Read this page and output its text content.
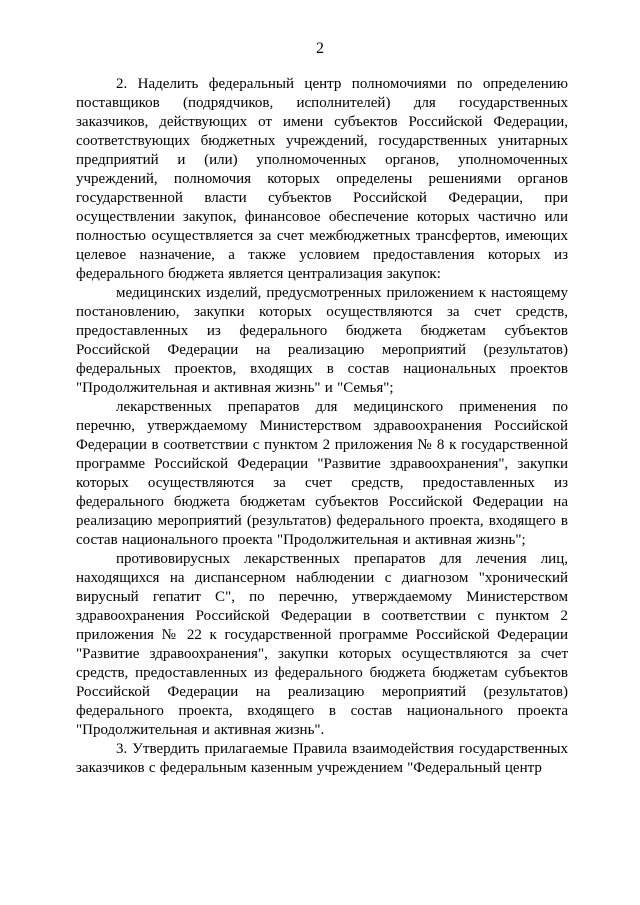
2

2. Наделить федеральный центр полномочиями по определению поставщиков (подрядчиков, исполнителей) для государственных заказчиков, действующих от имени субъектов Российской Федерации, соответствующих бюджетных учреждений, государственных унитарных предприятий и (или) уполномоченных органов, уполномоченных учреждений, полномочия которых определены решениями органов государственной власти субъектов Российской Федерации, при осуществлении закупок, финансовое обеспечение которых частично или полностью осуществляется за счет межбюджетных трансфертов, имеющих целевое назначение, а также условием предоставления которых из федерального бюджета является централизация закупок:

медицинских изделий, предусмотренных приложением к настоящему постановлению, закупки которых осуществляются за счет средств, предоставленных из федерального бюджета бюджетам субъектов Российской Федерации на реализацию мероприятий (результатов) федеральных проектов, входящих в состав национальных проектов "Продолжительная и активная жизнь" и "Семья";

лекарственных препаратов для медицинского применения по перечню, утверждаемому Министерством здравоохранения Российской Федерации в соответствии с пунктом 2 приложения № 8 к государственной программе Российской Федерации "Развитие здравоохранения", закупки которых осуществляются за счет средств, предоставленных из федерального бюджета бюджетам субъектов Российской Федерации на реализацию мероприятий (результатов) федерального проекта, входящего в состав национального проекта "Продолжительная и активная жизнь";

противовирусных лекарственных препаратов для лечения лиц, находящихся на диспансерном наблюдении с диагнозом "хронический вирусный гепатит С", по перечню, утверждаемому Министерством здравоохранения Российской Федерации в соответствии с пунктом 2 приложения № 22 к государственной программе Российской Федерации "Развитие здравоохранения", закупки которых осуществляются за счет средств, предоставленных из федерального бюджета бюджетам субъектов Российской Федерации на реализацию мероприятий (результатов) федерального проекта, входящего в состав национального проекта "Продолжительная и активная жизнь".

3. Утвердить прилагаемые Правила взаимодействия государственных заказчиков с федеральным казенным учреждением "Федеральный центр
